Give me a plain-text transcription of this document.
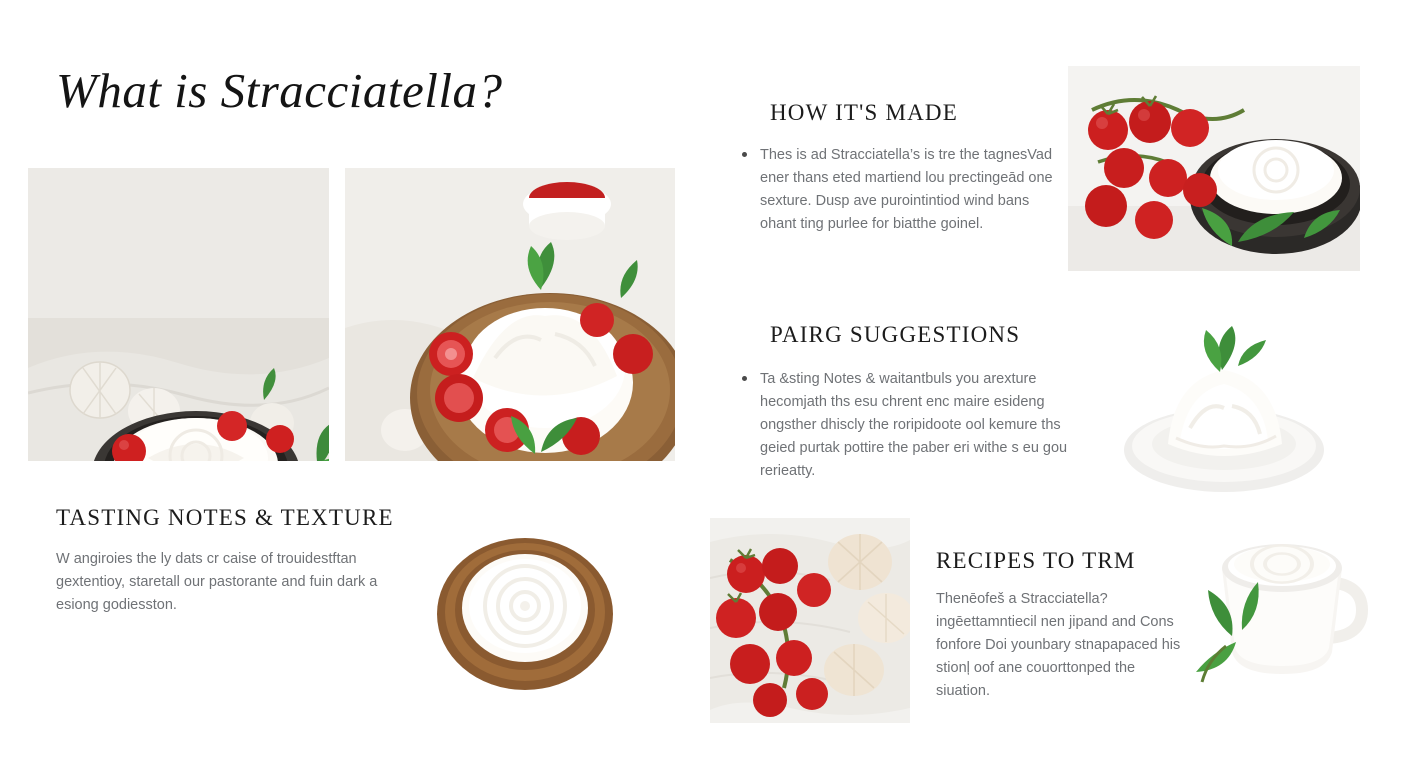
What is Stracciatella?	HOW IT'S MADE
Thes is ad Stracciatella’s is tre the tagnesVad ener thans eted martiend lou prectingeād one sexture. Dusp ave purointintiod wind bans ohant ting purlee for biatthe goinel.
PAIRG SUGGESTIONS
Ta &sting Notes & waitantbuls you arexture hecomjath ths esu chrent enc maire esideng ongsther dhiscly the roripidoote ool kemure ths geied purtak pottire the paber eri withe s eu gou rerieatty.
TASTING NOTES & TEXTURE
W angiroies the ly dats cr caise of trouidestftan gextentioy, staretall our pastorante and fuin dark a esiong godiesston.
RECIPES TO TRM
Thenēofeš a Stracciatella? ingēettamntiecil nen jipand and Cons fonfore Doi younbary stnapapaced his stionļ oof ane couorttonped the siuation.
